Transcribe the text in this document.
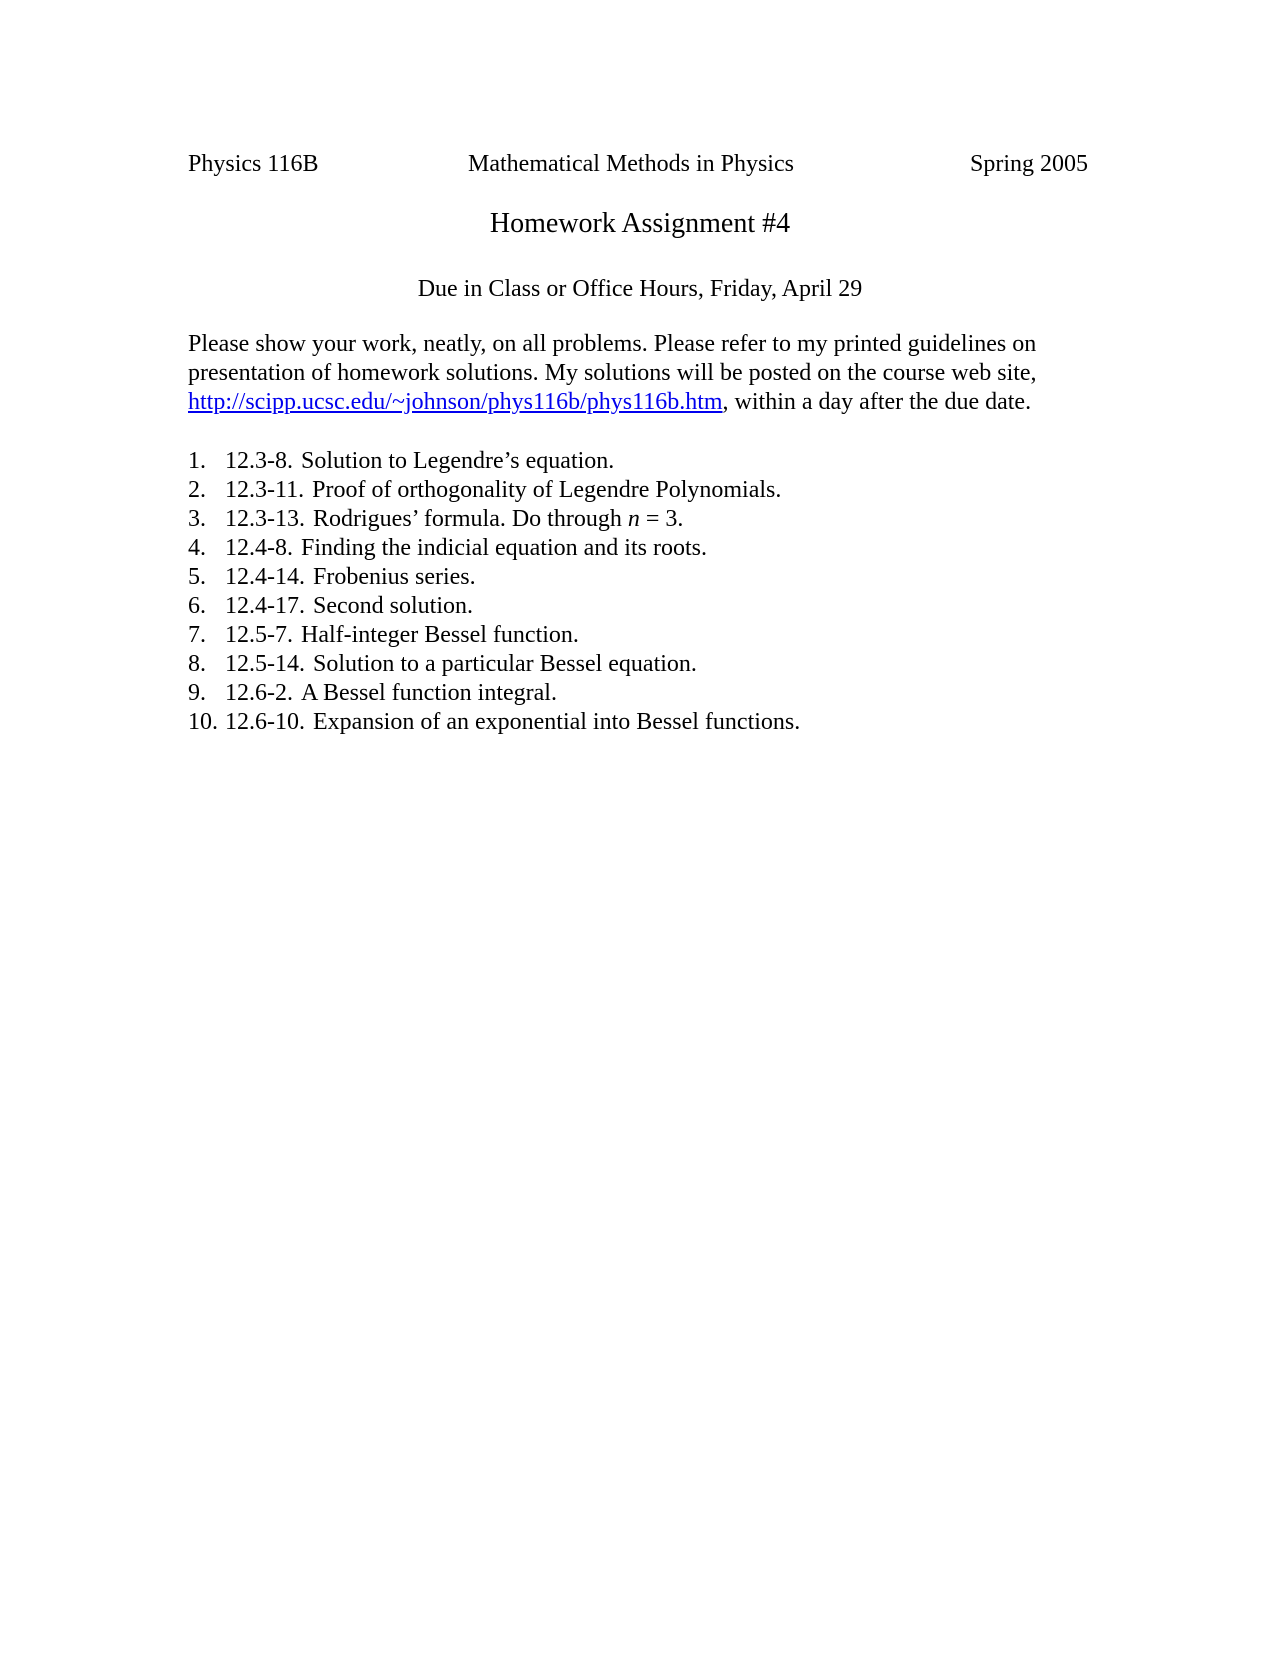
Physics 116B	Mathematical Methods in Physics	Spring 2005
Homework Assignment #4
Due in Class or Office Hours, Friday, April 29
Please show your work, neatly, on all problems. Please refer to my printed guidelines on
presentation of homework solutions. My solutions will be posted on the course web site,
http://scipp.ucsc.edu/~johnson/phys116b/phys116b.htm, within a day after the due date.
1. 12.3-8. Solution to Legendre’s equation.
2. 12.3-11. Proof of orthogonality of Legendre Polynomials.
3. 12.3-13. Rodrigues’ formula. Do through n = 3.
4. 12.4-8. Finding the indicial equation and its roots.
5. 12.4-14. Frobenius series.
6. 12.4-17. Second solution.
7. 12.5-7. Half-integer Bessel function.
8. 12.5-14. Solution to a particular Bessel equation.
9. 12.6-2. A Bessel function integral.
10. 12.6-10. Expansion of an exponential into Bessel functions.
